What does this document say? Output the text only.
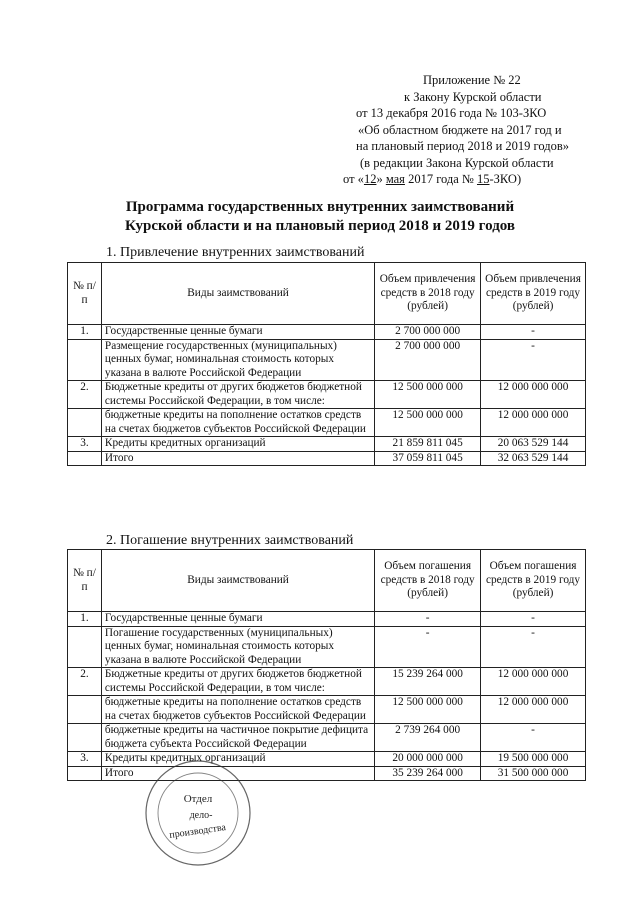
Приложение № 22
к Закону Курской области
от 13 декабря 2016 года № 103-ЗКО
«Об областном бюджете на 2017 год и
на плановый период 2018 и 2019 годов»
(в редакции Закона Курской области
от «12» мая 2017 года № 15-ЗКО)
Программа государственных внутренних заимствований
Курской области и на плановый период 2018 и 2019 годов
1. Привлечение внутренних заимствований
№ п/п	Виды заимствований	Объем привлечения средств в 2018 году (рублей)	Объем привлечения средств в 2019 году (рублей)
1.	Государственные ценные бумаги	2 700 000 000	-
	Размещение государственных (муниципальных) ценных бумаг, номинальная стоимость которых указана в валюте Российской Федерации	2 700 000 000	-
2.	Бюджетные кредиты от других бюджетов бюджетной системы Российской Федерации, в том числе:	12 500 000 000	12 000 000 000
	бюджетные кредиты на пополнение остатков средств на счетах бюджетов субъектов Российской Федерации	12 500 000 000	12 000 000 000
3.	Кредиты кредитных организаций	21 859 811 045	20 063 529 144
	Итого	37 059 811 045	32 063 529 144
2. Погашение внутренних заимствований
№ п/п	Виды заимствований	Объем погашения средств в 2018 году (рублей)	Объем погашения средств в 2019 году (рублей)
1.	Государственные ценные бумаги	-	-
	Погашение государственных (муниципальных) ценных бумаг, номинальная стоимость которых указана в валюте Российской Федерации	-	-
2.	Бюджетные кредиты от других бюджетов бюджетной системы Российской Федерации, в том числе:	15 239 264 000	12 000 000 000
	бюджетные кредиты на пополнение остатков средств на счетах бюджетов субъектов Российской Федерации	12 500 000 000	12 000 000 000
	бюджетные кредиты на частичное покрытие дефицита бюджета субъекта Российской Федерации	2 739 264 000	-
3.	Кредиты кредитных организаций	20 000 000 000	19 500 000 000
	Итого	35 239 264 000	31 500 000 000
Отдел
дело-
производства
